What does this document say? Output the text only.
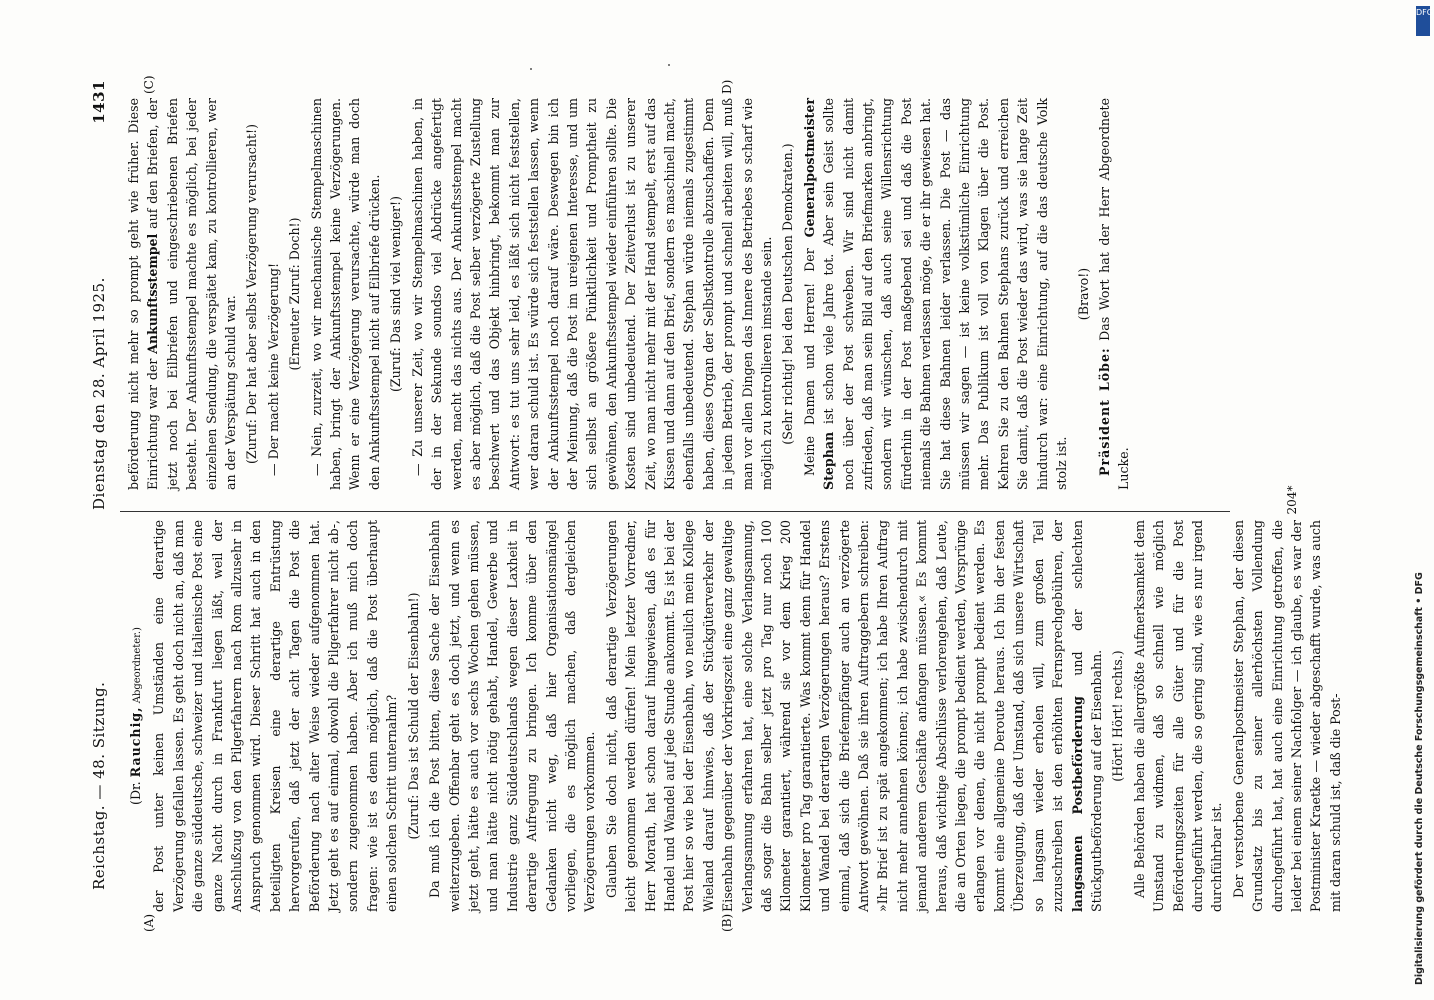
Reichstag. — 48. Sitzung.
Dienstag den 28. April 1925.
1431
(A)	(B)
(C)	D)

(Dr. Rauchig, Abgeordneter.) der Post unter keinen Umständen eine derartige Verzögerung gefallen lassen. Es geht doch nicht an, daß man die ganze süddeutsche, schweizer und italienische Post eine ganze Nacht durch in Frankfurt liegen läßt, weil der Anschlußzug von den Pilgerfahrern nach Rom allzusehr in Anspruch genommen wird. Dieser Schritt hat auch in den beteiligten Kreisen eine derartige Entrüstung hervorgerufen, daß jetzt der acht Tagen die Post die Beförderung nach alter Weise wieder aufgenommen hat. Jetzt geht es auf einmal, obwohl die Pilgerfahrer nicht ab-, sondern zugenommen haben. Aber ich muß mich doch fragen: wie ist es denn möglich, daß die Post überhaupt einen solchen Schritt unternahm? (Zuruf: Das ist Schuld der Eisenbahn!) Da muß ich die Post bitten, diese Sache der Eisenbahn weiterzugeben. Offenbar geht es doch jetzt, und wenn es jetzt geht, hätte es auch vor sechs Wochen gehen müssen, und man hätte nicht nötig gehabt, Handel, Gewerbe und Industrie ganz Süddeutschlands wegen dieser Laxheit in derartige Aufregung zu bringen. Ich komme über den Gedanken nicht weg, daß hier Organisationsmängel vorliegen, die es möglich machen, daß dergleichen Verzögerungen vorkommen. Glauben Sie doch nicht, daß derartige Verzögerungen leicht genommen werden dürfen! Mein letzter Vorredner, Herr Morath, hat schon darauf hingewiesen, daß es für Handel und Wandel auf jede Stunde ankommt. Es ist bei der Post hier so wie bei der Eisenbahn, wo neulich mein Kollege Wieland darauf hinwies, daß der Stückgüterverkehr der Eisenbahn gegenüber der Vorkriegszeit eine ganz gewaltige Verlangsamung erfahren hat, eine solche Verlangsamung, daß sogar die Bahn selber jetzt pro Tag nur noch 100 Kilometer garantiert, während sie vor dem Krieg 200 Kilometer pro Tag garantierte. Was kommt denn für Handel und Wandel bei derartigen Verzögerungen heraus? Erstens einmal, daß sich die Briefempfänger auch an verzögerte Antwort gewöhnen. Daß sie ihren Auftraggebern schreiben: »Ihr Brief ist zu spät angekommen; ich habe Ihren Auftrag nicht mehr annehmen können; ich habe zwischendurch mit jemand anderem Geschäfte anfangen müssen.« Es kommt heraus, daß wichtige Abschlüsse verlorengehen, daß Leute, die an Orten liegen, die prompt bedient werden, Vorsprünge erlangen vor denen, die nicht prompt bedient werden. Es kommt eine allgemeine Deroute heraus. Ich bin der festen Überzeugung, daß der Umstand, daß sich unsere Wirtschaft so langsam wieder erholen will, zum großen Teil zuzuschreiben ist den erhöhten Fernsprechgebühren, der langsamen Postbeförderung und der schlechten Stückgutbeförderung auf der Eisenbahn. (Hört! Hört! rechts.) Alle Behörden haben die allergrößte Aufmerksamkeit dem Umstand zu widmen, daß so schnell wie möglich Beförderungszeiten für alle Güter und für die Post durchgeführt werden, die so gering sind, wie es nur irgend durchführbar ist. Der verstorbene Generalpostmeister Stephan, der diesen Grundsatz bis zu seiner allerhöchsten Vollendung durchgeführt hat, hat auch eine Einrichtung getroffen, die leider bei einem seiner Nachfolger — ich glaube, es war der Postminister Kraetke — wieder abgeschafft wurde, was auch mit daran schuld ist, daß die Post-

beförderung nicht mehr so prompt geht wie früher. Diese Einrichtung war der Ankunftsstempel auf den Briefen, der jetzt noch bei Eilbriefen und eingeschriebenen Briefen besteht. Der Ankunftsstempel machte es möglich, bei jeder einzelnen Sendung, die verspätet kam, zu kontrollieren, wer an der Verspätung schuld war. (Zuruf: Der hat aber selbst Verzögerung verursacht!) — Der macht keine Verzögerung! (Erneuter Zuruf: Doch!) — Nein, zurzeit, wo wir mechanische Stempelmaschinen haben, bringt der Ankunftsstempel keine Verzögerungen. Wenn er eine Verzögerung verursachte, würde man doch den Ankunftsstempel nicht auf Eilbriefe drücken. (Zuruf: Das sind viel weniger!) — Zu unserer Zeit, wo wir Stempelmaschinen haben, in der in der Sekunde soundso viel Abdrücke angefertigt werden, macht das nichts aus. Der Ankunftsstempel macht es aber möglich, daß die Post selber verzögerte Zustellung beschwert und das Objekt hinbringt, bekommt man zur Antwort: es tut uns sehr leid, es läßt sich nicht feststellen, wer daran schuld ist. Es würde sich feststellen lassen, wenn der Ankunftsstempel noch darauf wäre. Deswegen bin ich der Meinung, daß die Post im ureigenen Interesse, und um sich selbst an größere Pünktlichkeit und Promptheit zu gewöhnen, den Ankunftsstempel wieder einführen sollte. Die Kosten sind unbedeutend. Der Zeitverlust ist zu unserer Zeit, wo man nicht mehr mit der Hand stempelt, erst auf das Kissen und dann auf den Brief, sondern es maschinell macht, ebenfalls unbedeutend. Stephan würde niemals zugestimmt haben, dieses Organ der Selbstkontrolle abzuschaffen. Denn in jedem Betrieb, der prompt und schnell arbeiten will, muß man vor allen Dingen das Innere des Betriebes so scharf wie möglich zu kontrollieren imstande sein. (Sehr richtig! bei den Deutschen Demokraten.) Meine Damen und Herren! Der Generalpostmeister Stephan ist schon viele Jahre tot. Aber sein Geist sollte noch über der Post schweben. Wir sind nicht damit zufrieden, daß man sein Bild auf den Briefmarken anbringt, sondern wir wünschen, daß auch seine Willensrichtung fürderhin in der Post maßgebend sei und daß die Post niemals die Bahnen verlassen möge, die er ihr gewiesen hat. Sie hat diese Bahnen leider verlassen. Die Post — das müssen wir sagen — ist keine volkstümliche Einrichtung mehr. Das Publikum ist voll von Klagen über die Post. Kehren Sie zu den Bahnen Stephans zurück und erreichen Sie damit, daß die Post wieder das wird, was sie lange Zeit hindurch war: eine Einrichtung, auf die das deutsche Volk stolz ist.

(Bravo!)

Präsident Löbe: Das Wort hat der Herr Abgeordnete Lucke.

204*
DFG
Digitalisierung gefördert durch die Deutsche Forschungsgemeinschaft • DFG
